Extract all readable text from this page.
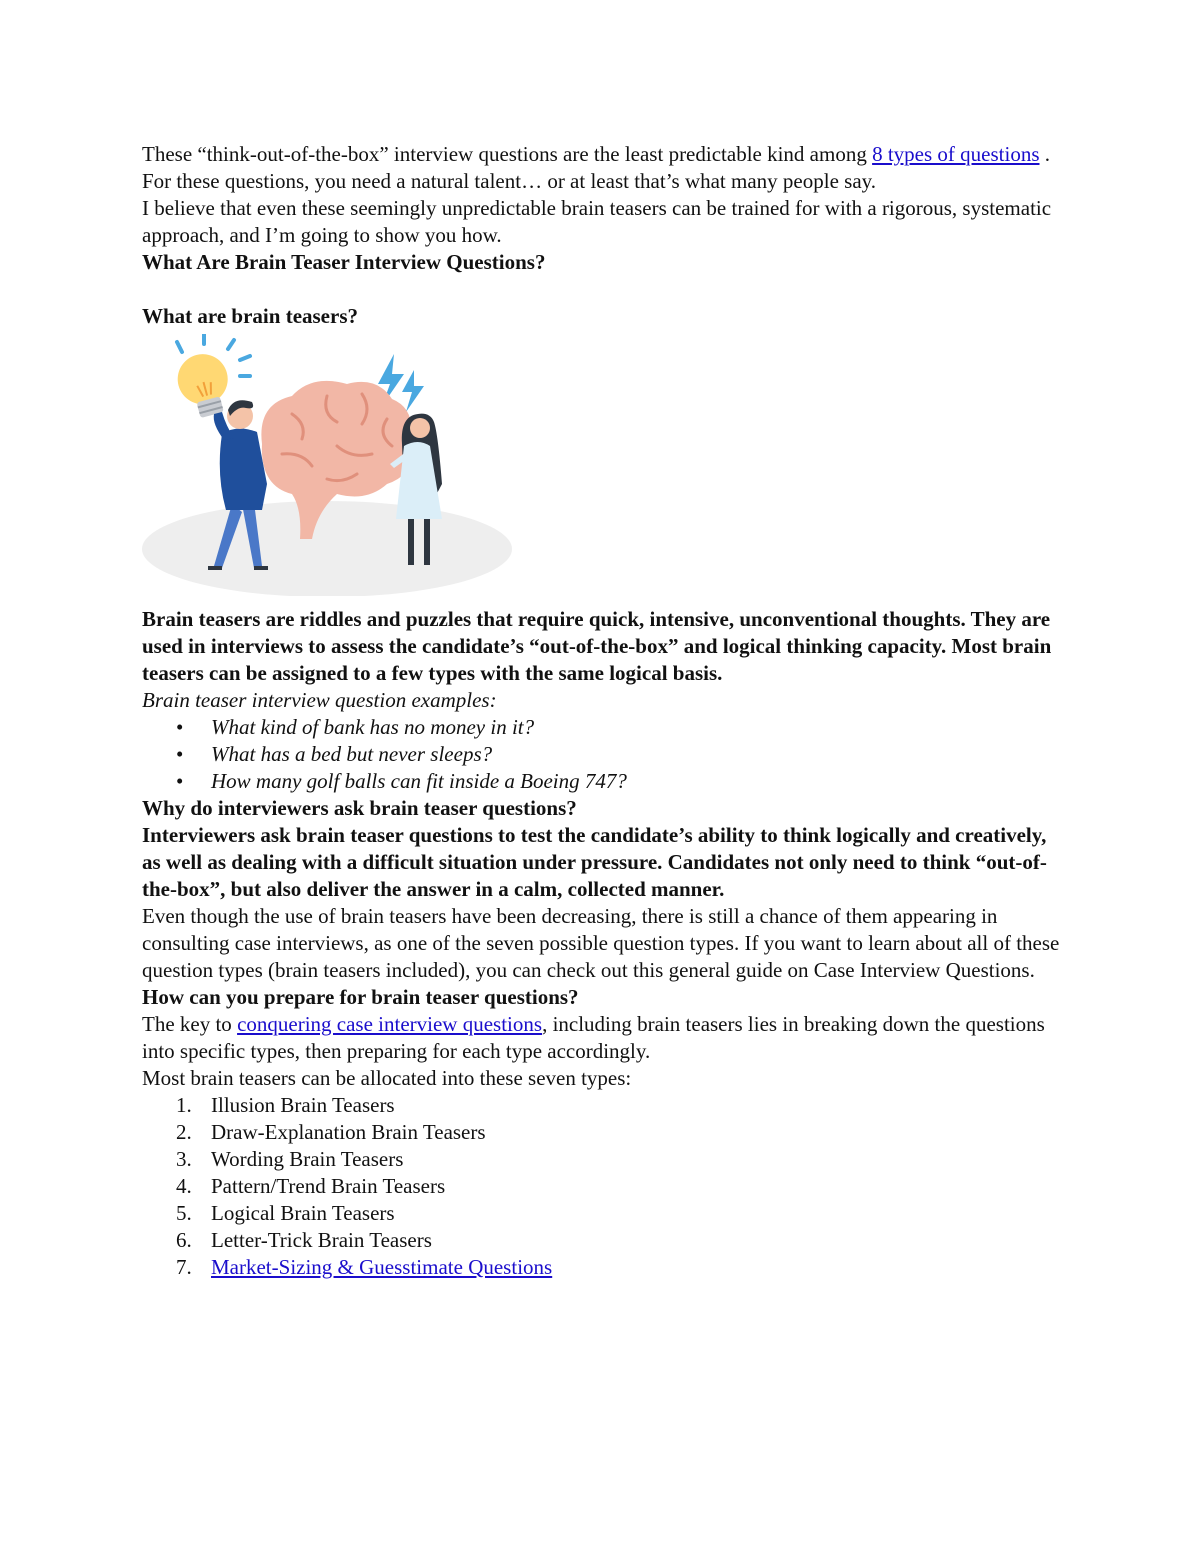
These “think-out-of-the-box” interview questions are the least predictable kind among 8 types of questions . For these questions, you need a natural talent… or at least that’s what many people say.

I believe that even these seemingly unpredictable brain teasers can be trained for with a rigorous, systematic approach, and I’m going to show you how.

What Are Brain Teaser Interview Questions?

What are brain teasers?

Brain teasers are riddles and puzzles that require quick, intensive, unconventional thoughts. They are used in interviews to assess the candidate’s “out-of-the-box” and logical thinking capacity. Most brain teasers can be assigned to a few types with the same logical basis.

Brain teaser interview question examples:

• What kind of bank has no money in it?
• What has a bed but never sleeps?
• How many golf balls can fit inside a Boeing 747?

Why do interviewers ask brain teaser questions?

Interviewers ask brain teaser questions to test the candidate’s ability to think logically and creatively, as well as dealing with a difficult situation under pressure. Candidates not only need to think “out-of-the-box”, but also deliver the answer in a calm, collected manner.

Even though the use of brain teasers have been decreasing, there is still a chance of them appearing in consulting case interviews, as one of the seven possible question types. If you want to learn about all of these question types (brain teasers included), you can check out this general guide on Case Interview Questions.

How can you prepare for brain teaser questions?

The key to conquering case interview questions, including brain teasers lies in breaking down the questions into specific types, then preparing for each type accordingly.

Most brain teasers can be allocated into these seven types:

1. Illusion Brain Teasers
2. Draw-Explanation Brain Teasers
3. Wording Brain Teasers
4. Pattern/Trend Brain Teasers
5. Logical Brain Teasers
6. Letter-Trick Brain Teasers
7. Market-Sizing & Guesstimate Questions
